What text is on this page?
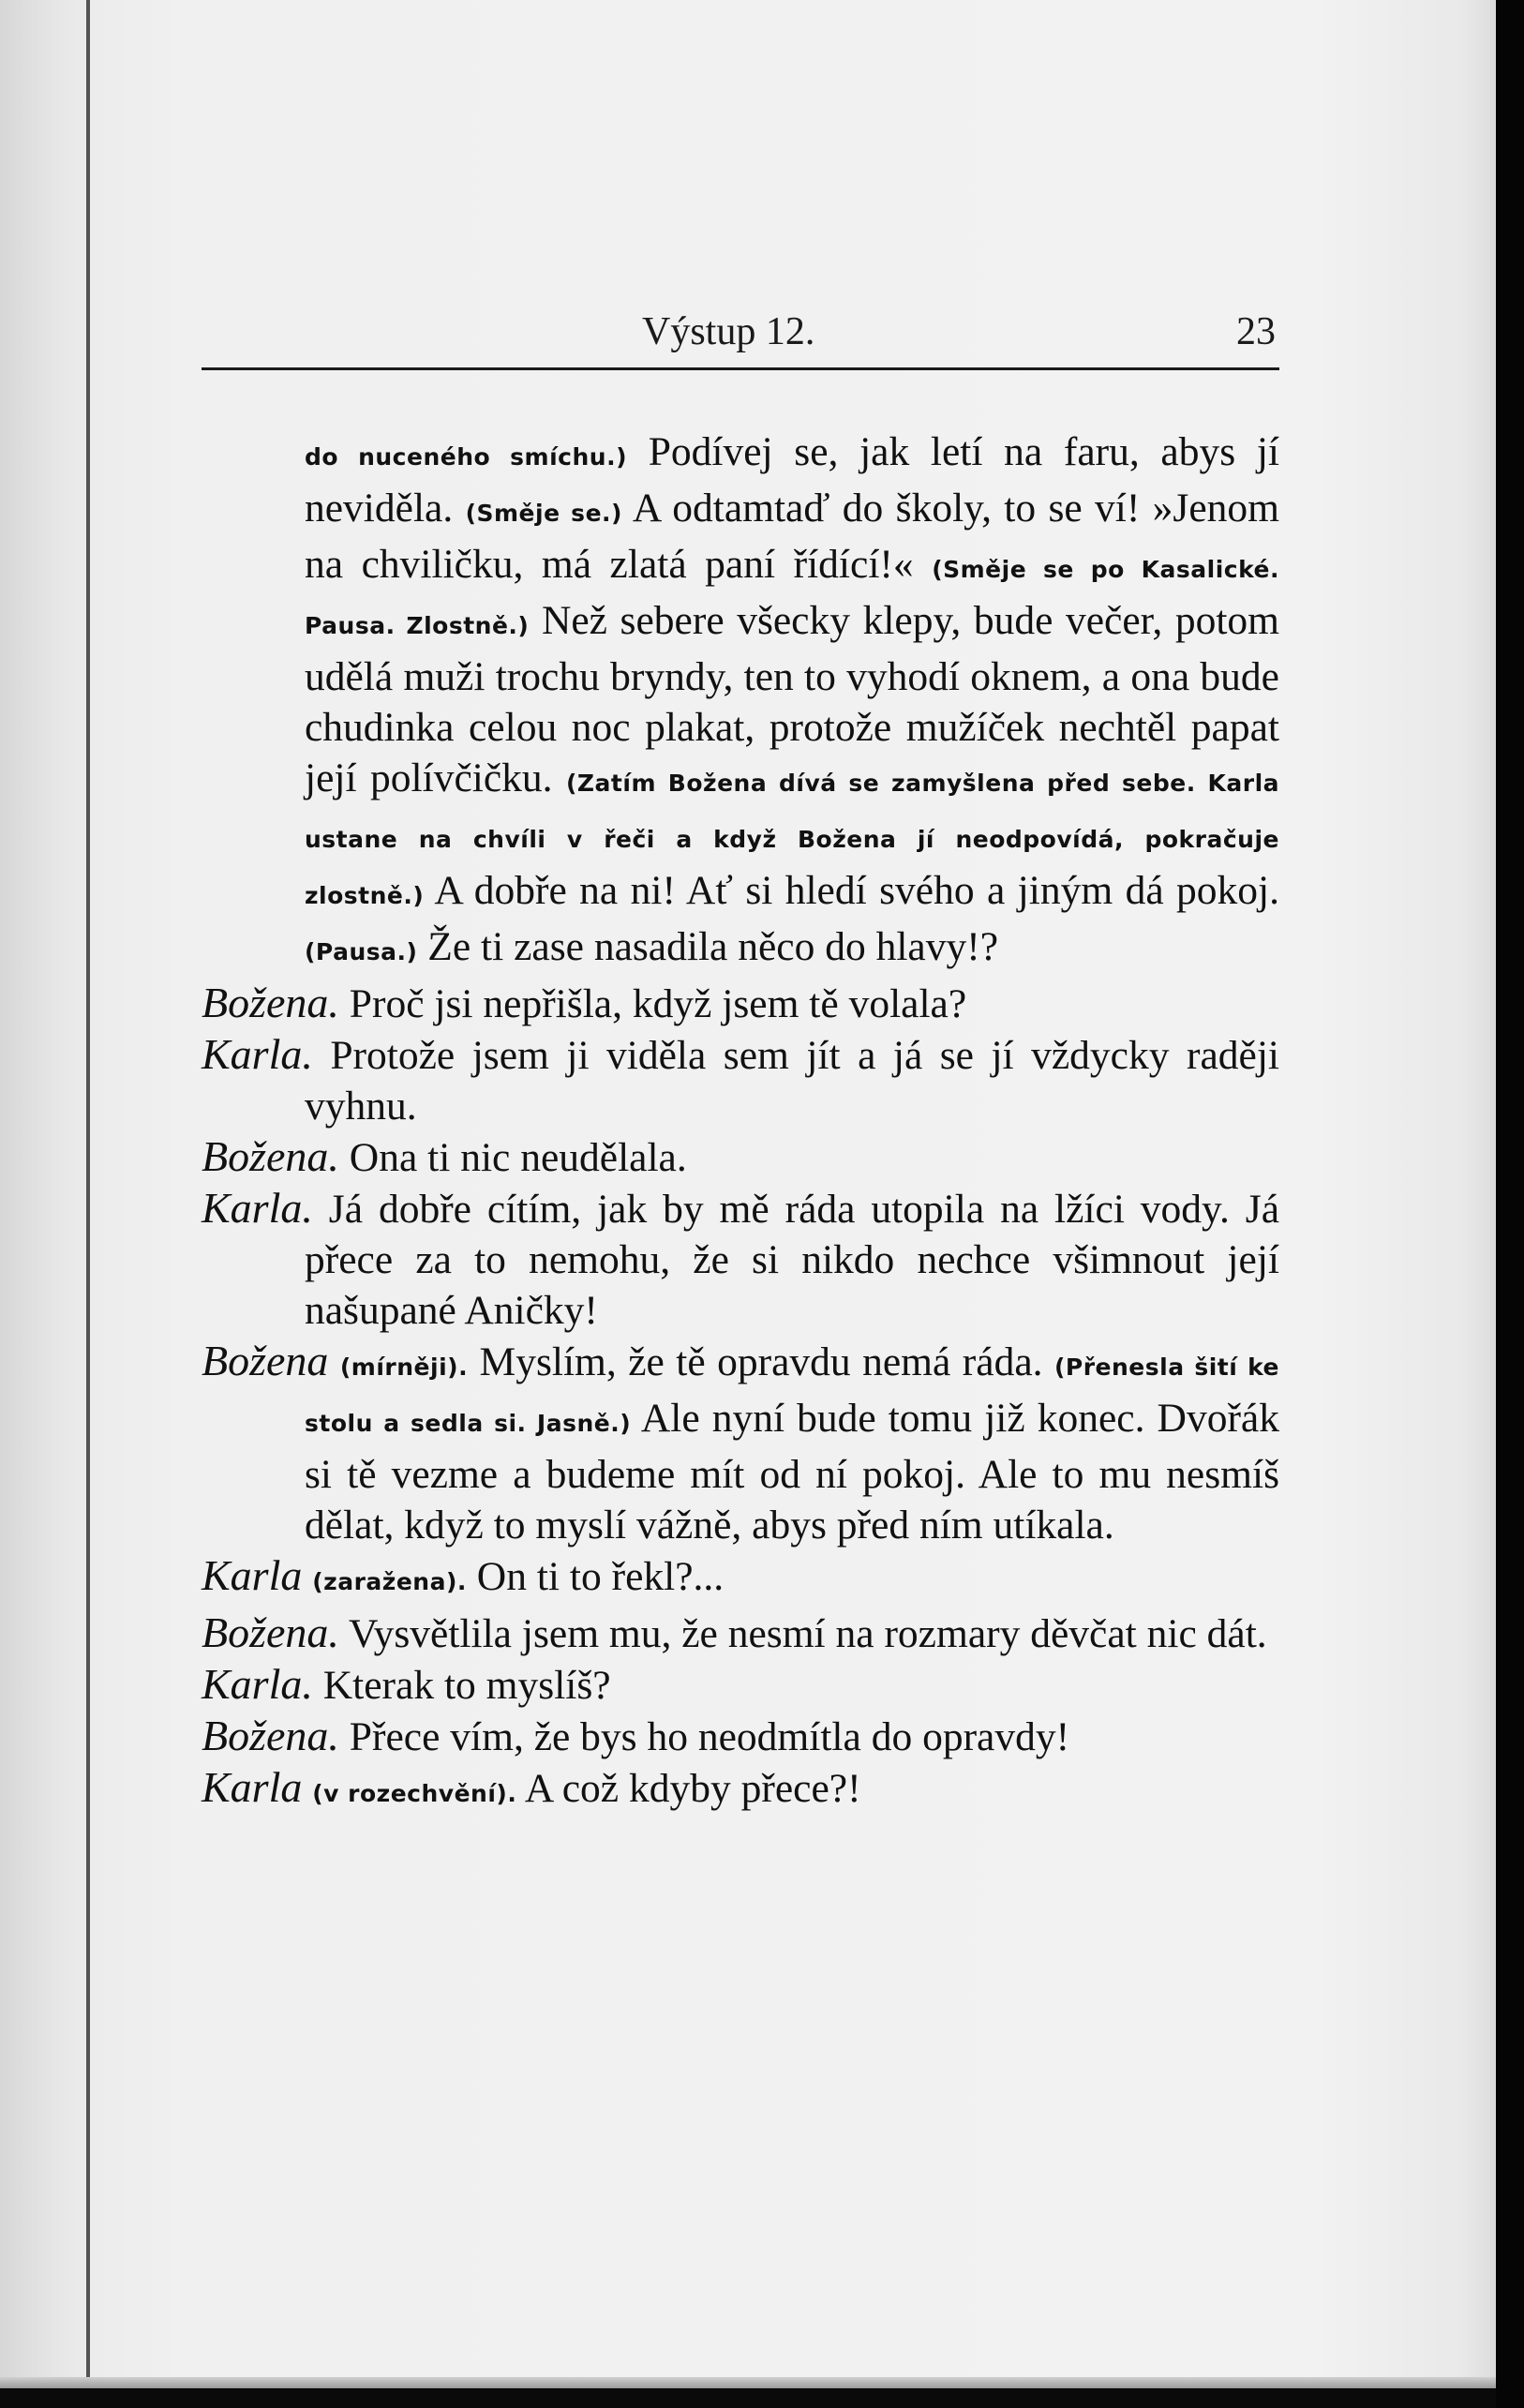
Výstup 12.	23

do nuceného smíchu.) Podívej se, jak letí na faru, abys jí neviděla. (Směje se.) A odtamtaď do školy, to se ví! »Jenom na chviličku, má zlatá paní řídící!« (Směje se po Kasalické. Pausa. Zlostně.) Než sebere všecky klepy, bude večer, potom udělá muži trochu bryndy, ten to vyhodí oknem, a ona bude chudinka celou noc plakat, protože mužíček nechtěl papat její polívčičku. (Zatím Božena dívá se zamyšlena před sebe. Karla ustane na chvíli v řeči a když Božena jí neodpovídá, pokračuje zlostně.) A dobře na ni! Ať si hledí svého a jiným dá pokoj. (Pausa.) Že ti zase nasadila něco do hlavy!?

Božena. Proč jsi nepřišla, když jsem tě volala?

Karla. Protože jsem ji viděla sem jít a já se jí vždycky raději vyhnu.

Božena. Ona ti nic neudělala.

Karla. Já dobře cítím, jak by mě ráda utopila na lžíci vody. Já přece za to nemohu, že si nikdo nechce všimnout její našupané Aničky!

Božena (mírněji). Myslím, že tě opravdu nemá ráda. (Přenesla šití ke stolu a sedla si. Jasně.) Ale nyní bude tomu již konec. Dvořák si tě vezme a budeme mít od ní pokoj. Ale to mu nesmíš dělat, když to myslí vážně, abys před ním utíkala.

Karla (zaražena). On ti to řekl?...

Božena. Vysvětlila jsem mu, že nesmí na rozmary děvčat nic dát.

Karla. Kterak to myslíš?

Božena. Přece vím, že bys ho neodmítla do opravdy!

Karla (v rozechvění). A což kdyby přece?!
